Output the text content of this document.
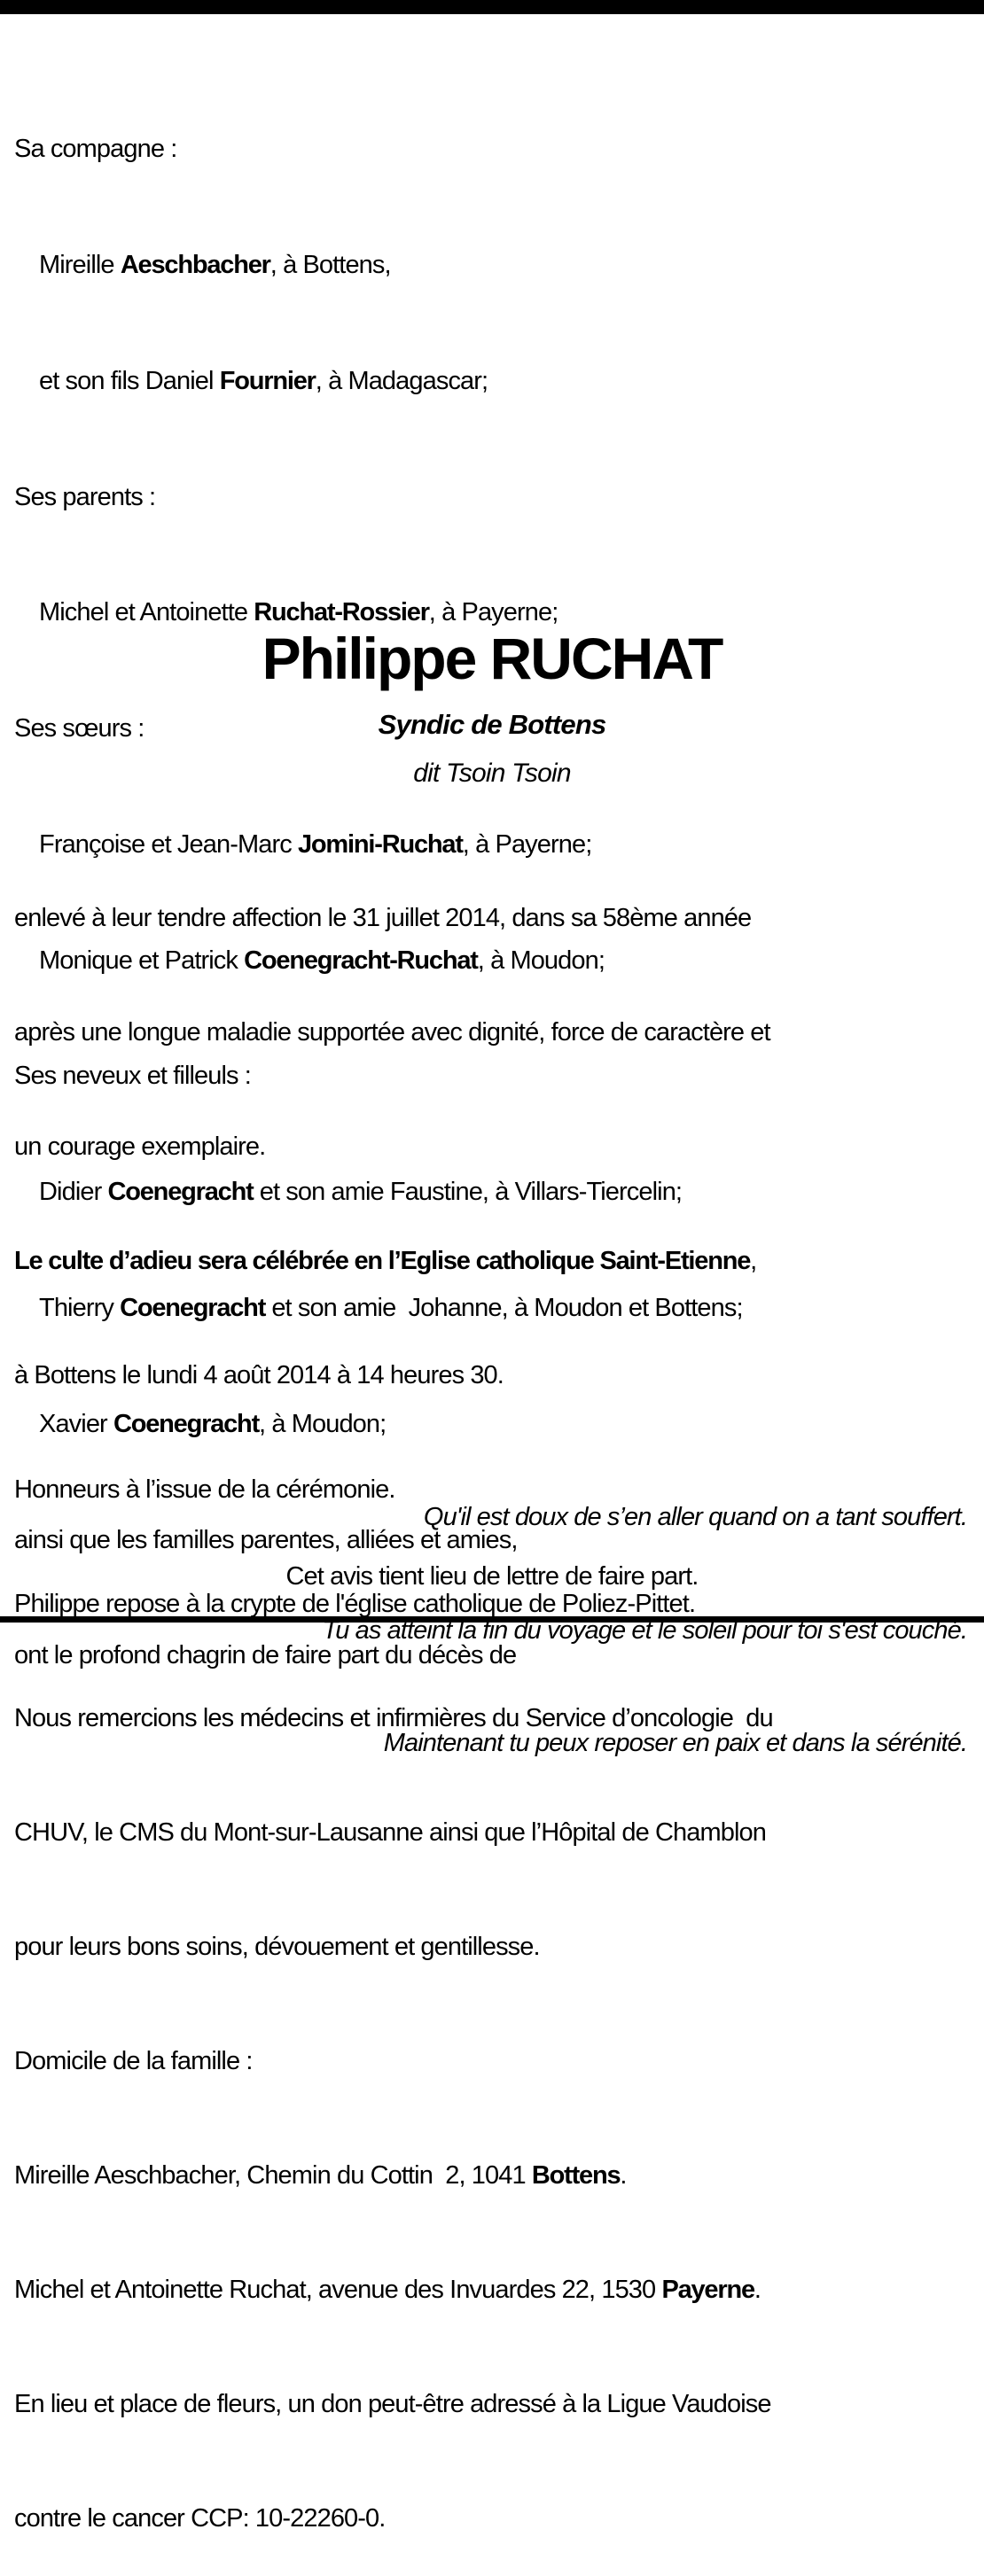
Sa compagne :

Mireille Aeschbacher, à Bottens,

et son fils Daniel Fournier, à Madagascar;

Ses parents :

Michel et Antoinette Ruchat-Rossier, à Payerne;

Ses sœurs :

Françoise et Jean-Marc Jomini-Ruchat, à Payerne;

Monique et Patrick Coenegracht-Ruchat, à Moudon;

Ses neveux et filleuls :

Didier Coenegracht et son amie Faustine, à Villars-Tiercelin;

Thierry Coenegracht et son amie  Johanne, à Moudon et Bottens;

Xavier Coenegracht, à Moudon;

ainsi que les familles parentes, alliées et amies,

ont le profond chagrin de faire part du décès de

Philippe RUCHAT
Syndic de Bottens
dit Tsoin Tsoin

enlevé à leur tendre affection le 31 juillet 2014, dans sa 58ème année

après une longue maladie supportée avec dignité, force de caractère et

un courage exemplaire.

Le culte d’adieu sera célébrée en l’Eglise catholique Saint-Etienne,

à Bottens le lundi 4 août 2014 à 14 heures 30.

Honneurs à l’issue de la cérémonie.

Philippe repose à la crypte de l'église catholique de Poliez-Pittet.

Nous remercions les médecins et infirmières du Service d’oncologie  du

CHUV, le CMS du Mont-sur-Lausanne ainsi que l’Hôpital de Chamblon

pour leurs bons soins, dévouement et gentillesse.

Domicile de la famille :

Mireille Aeschbacher, Chemin du Cottin  2, 1041 Bottens.

Michel et Antoinette Ruchat, avenue des Invuardes 22, 1530 Payerne.

En lieu et place de fleurs, un don peut-être adressé à la Ligue Vaudoise

contre le cancer CCP: 10-22260-0.

Qu'il est doux de s’en aller quand on a tant souffert.

Tu as atteint la fin du voyage et le soleil pour toi s'est couché.

Maintenant tu peux reposer en paix et dans la sérénité.

Cet avis tient lieu de lettre de faire part.
